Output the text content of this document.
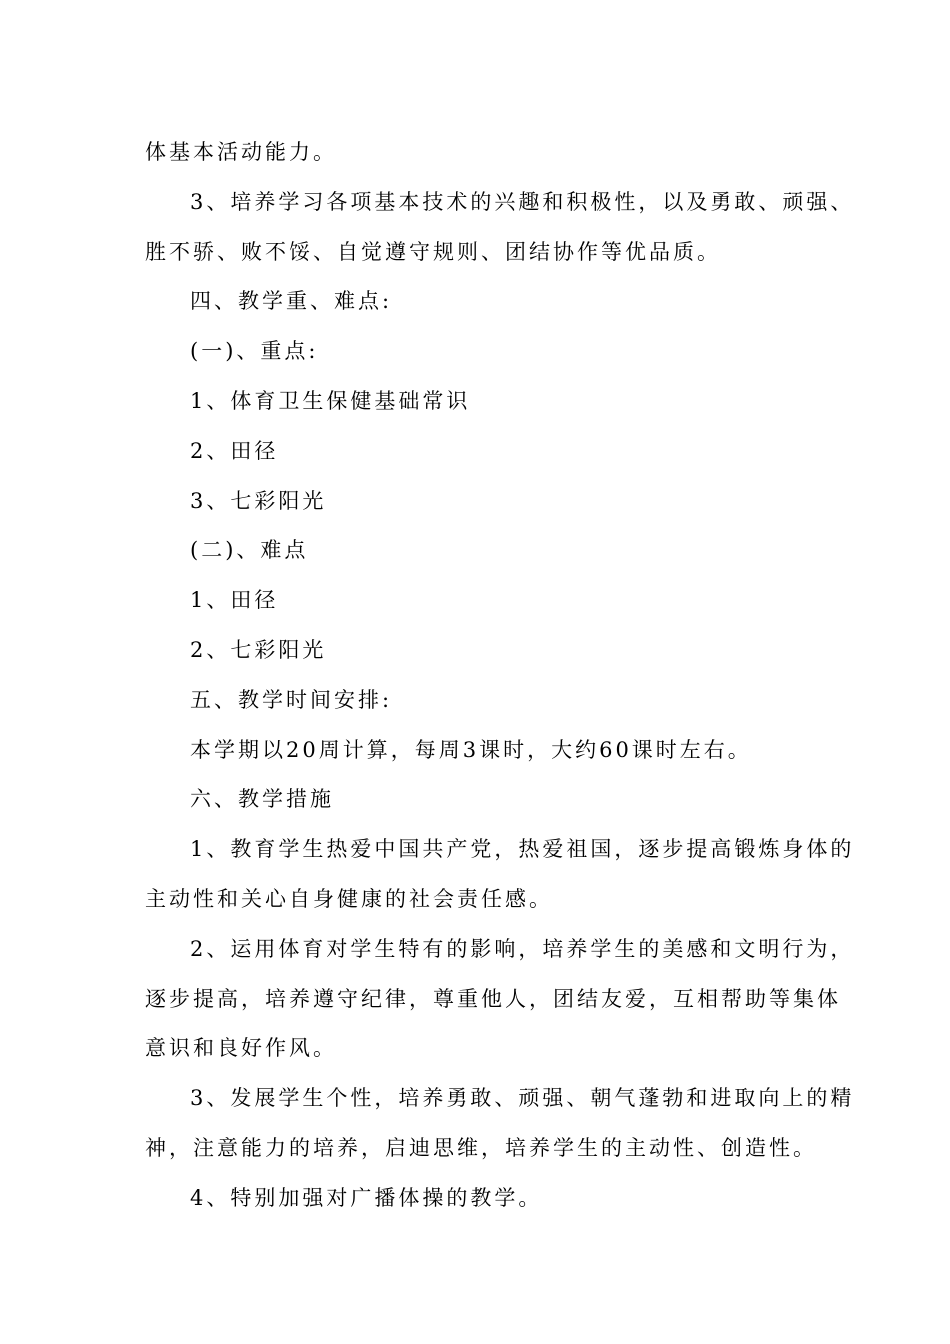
体基本活动能力。
3、培养学习各项基本技术的兴趣和积极性，以及勇敢、顽强、
胜不骄、败不馁、自觉遵守规则、团结协作等优品质。
四、教学重、难点:
(一)、重点:
1、体育卫生保健基础常识
2、田径
3、七彩阳光
(二)、难点
1、田径
2、七彩阳光
五、教学时间安排:
本学期以20周计算，每周3课时，大约60课时左右。
六、教学措施
1、教育学生热爱中国共产党，热爱祖国，逐步提高锻炼身体的
主动性和关心自身健康的社会责任感。
2、运用体育对学生特有的影响，培养学生的美感和文明行为，
逐步提高，培养遵守纪律，尊重他人，团结友爱，互相帮助等集体
意识和良好作风。
3、发展学生个性，培养勇敢、顽强、朝气蓬勃和进取向上的精
神，注意能力的培养，启迪思维，培养学生的主动性、创造性。
4、特别加强对广播体操的教学。
